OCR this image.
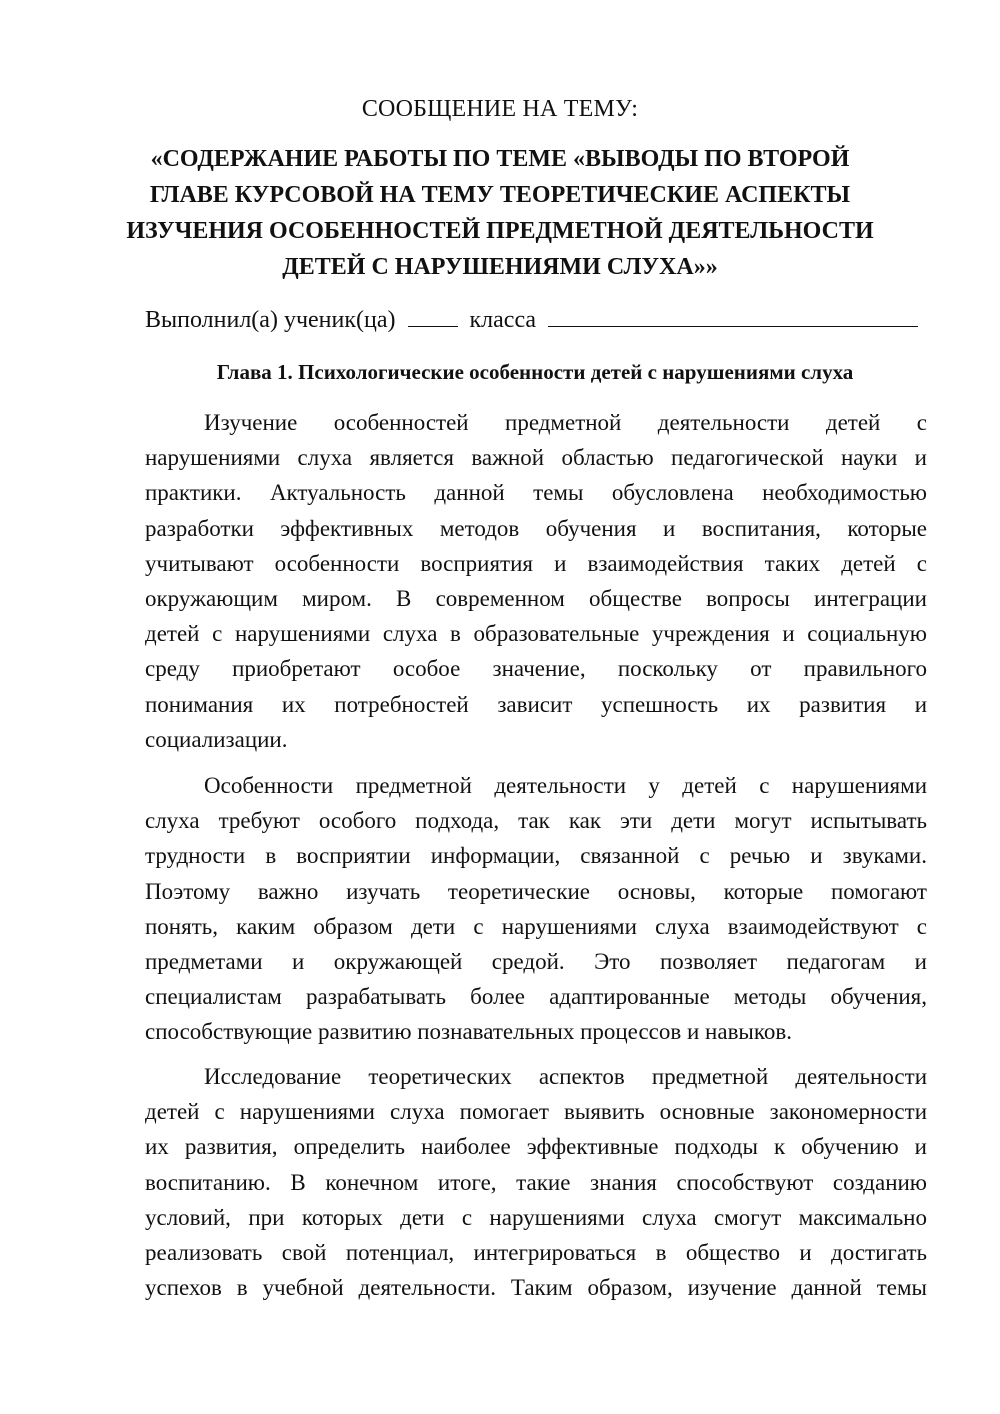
СООБЩЕНИЕ НА ТЕМУ:
«СОДЕРЖАНИЕ РАБОТЫ ПО ТЕМЕ «ВЫВОДЫ ПО ВТОРОЙ
ГЛАВЕ КУРСОВОЙ НА ТЕМУ ТЕОРЕТИЧЕСКИЕ АСПЕКТЫ
ИЗУЧЕНИЯ ОСОБЕННОСТЕЙ ПРЕДМЕТНОЙ ДЕЯТЕЛЬНОСТИ
ДЕТЕЙ С НАРУШЕНИЯМИ СЛУХА»»
Выполнил(а) ученик(ца)	класса
Глава 1. Психологические особенности детей с нарушениями слуха
Изучение особенностей предметной деятельности детей с
нарушениями слуха является важной областью педагогической науки и
практики. Актуальность данной темы обусловлена необходимостью
разработки эффективных методов обучения и воспитания, которые
учитывают особенности восприятия и взаимодействия таких детей с
окружающим миром. В современном обществе вопросы интеграции
детей с нарушениями слуха в образовательные учреждения и социальную
среду приобретают особое значение, поскольку от правильного
понимания их потребностей зависит успешность их развития и
социализации.
Особенности предметной деятельности у детей с нарушениями
слуха требуют особого подхода, так как эти дети могут испытывать
трудности в восприятии информации, связанной с речью и звуками.
Поэтому важно изучать теоретические основы, которые помогают
понять, каким образом дети с нарушениями слуха взаимодействуют с
предметами и окружающей средой. Это позволяет педагогам и
специалистам разрабатывать более адаптированные методы обучения,
способствующие развитию познавательных процессов и навыков.
Исследование теоретических аспектов предметной деятельности
детей с нарушениями слуха помогает выявить основные закономерности
их развития, определить наиболее эффективные подходы к обучению и
воспитанию. В конечном итоге, такие знания способствуют созданию
условий, при которых дети с нарушениями слуха смогут максимально
реализовать свой потенциал, интегрироваться в общество и достигать
успехов в учебной деятельности. Таким образом, изучение данной темы
